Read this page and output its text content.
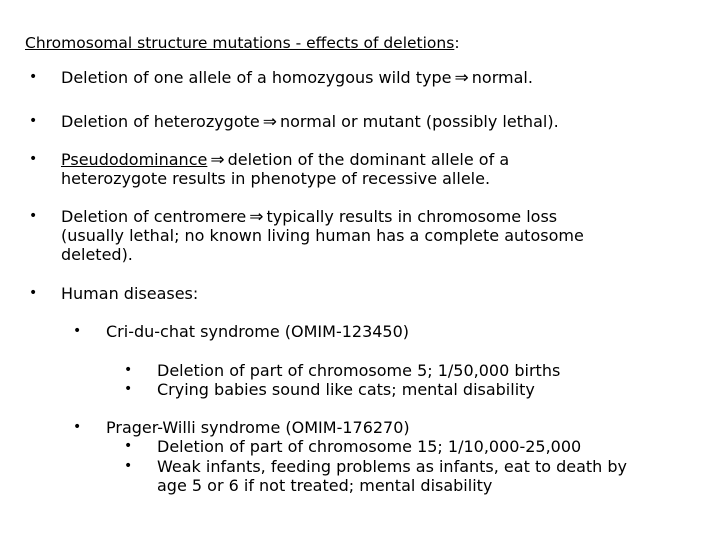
Chromosomal structure mutations - effects of deletions:
• Deletion of one allele of a homozygous wild type ⇒ normal.
• Deletion of heterozygote ⇒ normal or mutant (possibly lethal).
• Pseudodominance ⇒ deletion of the dominant allele of a
heterozygote results in phenotype of recessive allele.
• Deletion of centromere ⇒ typically results in chromosome loss
(usually lethal; no known living human has a complete autosome
deleted).
• Human diseases:
• Cri-du-chat syndrome (OMIM-123450)
• Deletion of part of chromosome 5; 1/50,000 births
• Crying babies sound like cats; mental disability
• Prager-Willi syndrome (OMIM-176270)
• Deletion of part of chromosome 15; 1/10,000-25,000
• Weak infants, feeding problems as infants, eat to death by
age 5 or 6 if not treated; mental disability
